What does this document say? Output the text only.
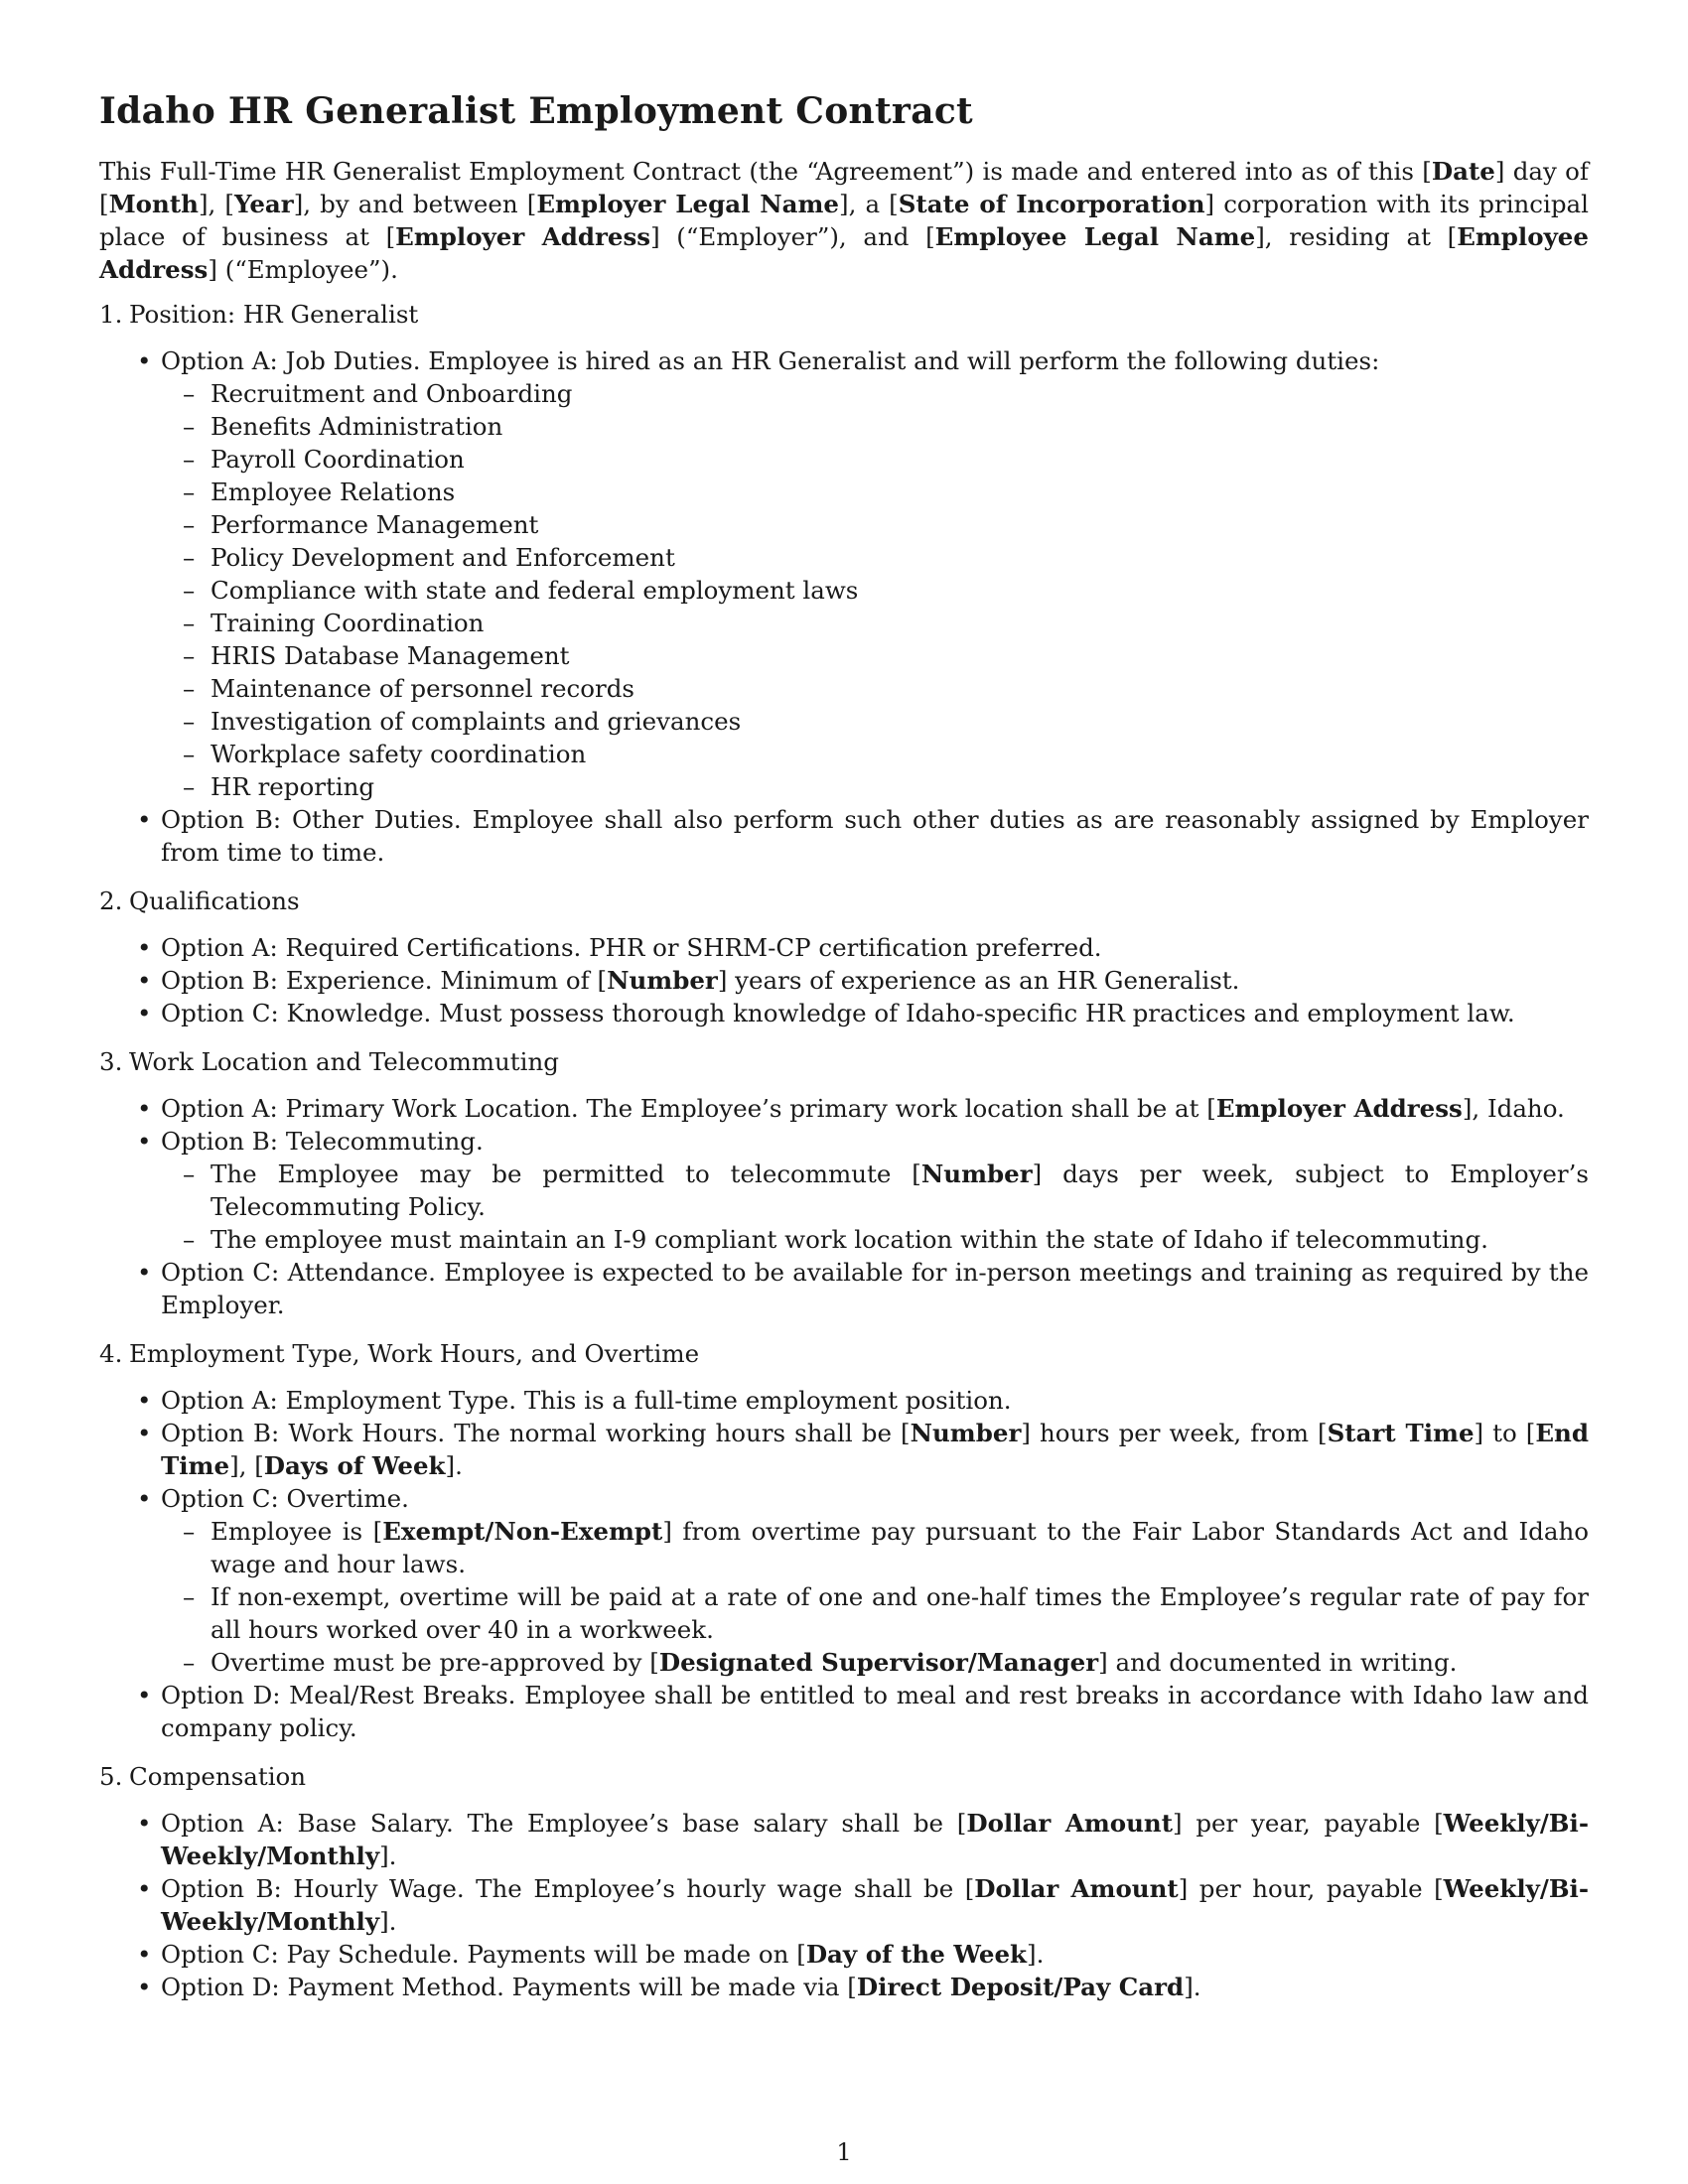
Idaho HR Generalist Employment Contract

This Full-Time HR Generalist Employment Contract (the “Agreement”) is made and entered into as of this [Date] day of [Month], [Year], by and between [Employer Legal Name], a [State of Incorporation] corporation with its principal place of business at [Employer Address] (“Employer”), and [Employee Legal Name], residing at [Employee Address] (“Employee”).

1. Position: HR Generalist
• Option A: Job Duties. Employee is hired as an HR Generalist and will perform the following duties:
– Recruitment and Onboarding
– Benefits Administration
– Payroll Coordination
– Employee Relations
– Performance Management
– Policy Development and Enforcement
– Compliance with state and federal employment laws
– Training Coordination
– HRIS Database Management
– Maintenance of personnel records
– Investigation of complaints and grievances
– Workplace safety coordination
– HR reporting
• Option B: Other Duties. Employee shall also perform such other duties as are reasonably assigned by Employer from time to time.
2. Qualifications
• Option A: Required Certifications. PHR or SHRM-CP certification preferred.
• Option B: Experience. Minimum of [Number] years of experience as an HR Generalist.
• Option C: Knowledge. Must possess thorough knowledge of Idaho-specific HR practices and employment law.
3. Work Location and Telecommuting
• Option A: Primary Work Location. The Employee’s primary work location shall be at [Employer Address], Idaho.
• Option B: Telecommuting.
– The Employee may be permitted to telecommute [Number] days per week, subject to Employer’s Telecommuting Policy.
– The employee must maintain an I-9 compliant work location within the state of Idaho if telecommuting.
• Option C: Attendance. Employee is expected to be available for in-person meetings and training as required by the Employer.
4. Employment Type, Work Hours, and Overtime
• Option A: Employment Type. This is a full-time employment position.
• Option B: Work Hours. The normal working hours shall be [Number] hours per week, from [Start Time] to [End Time], [Days of Week].
• Option C: Overtime.
– Employee is [Exempt/Non-Exempt] from overtime pay pursuant to the Fair Labor Standards Act and Idaho wage and hour laws.
– If non-exempt, overtime will be paid at a rate of one and one-half times the Employee’s regular rate of pay for all hours worked over 40 in a workweek.
– Overtime must be pre-approved by [Designated Supervisor/Manager] and documented in writing.
• Option D: Meal/Rest Breaks. Employee shall be entitled to meal and rest breaks in accordance with Idaho law and company policy.
5. Compensation
• Option A: Base Salary. The Employee’s base salary shall be [Dollar Amount] per year, payable [Weekly/Bi-Weekly/Monthly].
• Option B: Hourly Wage. The Employee’s hourly wage shall be [Dollar Amount] per hour, payable [Weekly/Bi-Weekly/Monthly].
• Option C: Pay Schedule. Payments will be made on [Day of the Week].
• Option D: Payment Method. Payments will be made via [Direct Deposit/Pay Card].
1
